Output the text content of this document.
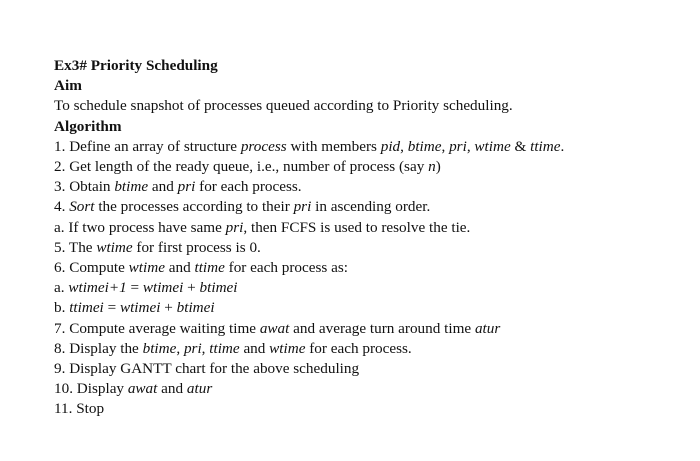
Ex3# Priority Scheduling
Aim
To schedule snapshot of processes queued according to Priority scheduling.
Algorithm
1. Define an array of structure process with members pid, btime, pri, wtime & ttime.
2. Get length of the ready queue, i.e., number of process (say n)
3. Obtain btime and pri for each process.
4. Sort the processes according to their pri in ascending order.
a. If two process have same pri, then FCFS is used to resolve the tie.
5. The wtime for first process is 0.
6. Compute wtime and ttime for each process as:
a. wtimei+1 = wtimei + btimei
b. ttimei = wtimei + btimei
7. Compute average waiting time awat and average turn around time atur
8. Display the btime, pri, ttime and wtime for each process.
9. Display GANTT chart for the above scheduling
10. Display awat and atur
11. Stop
